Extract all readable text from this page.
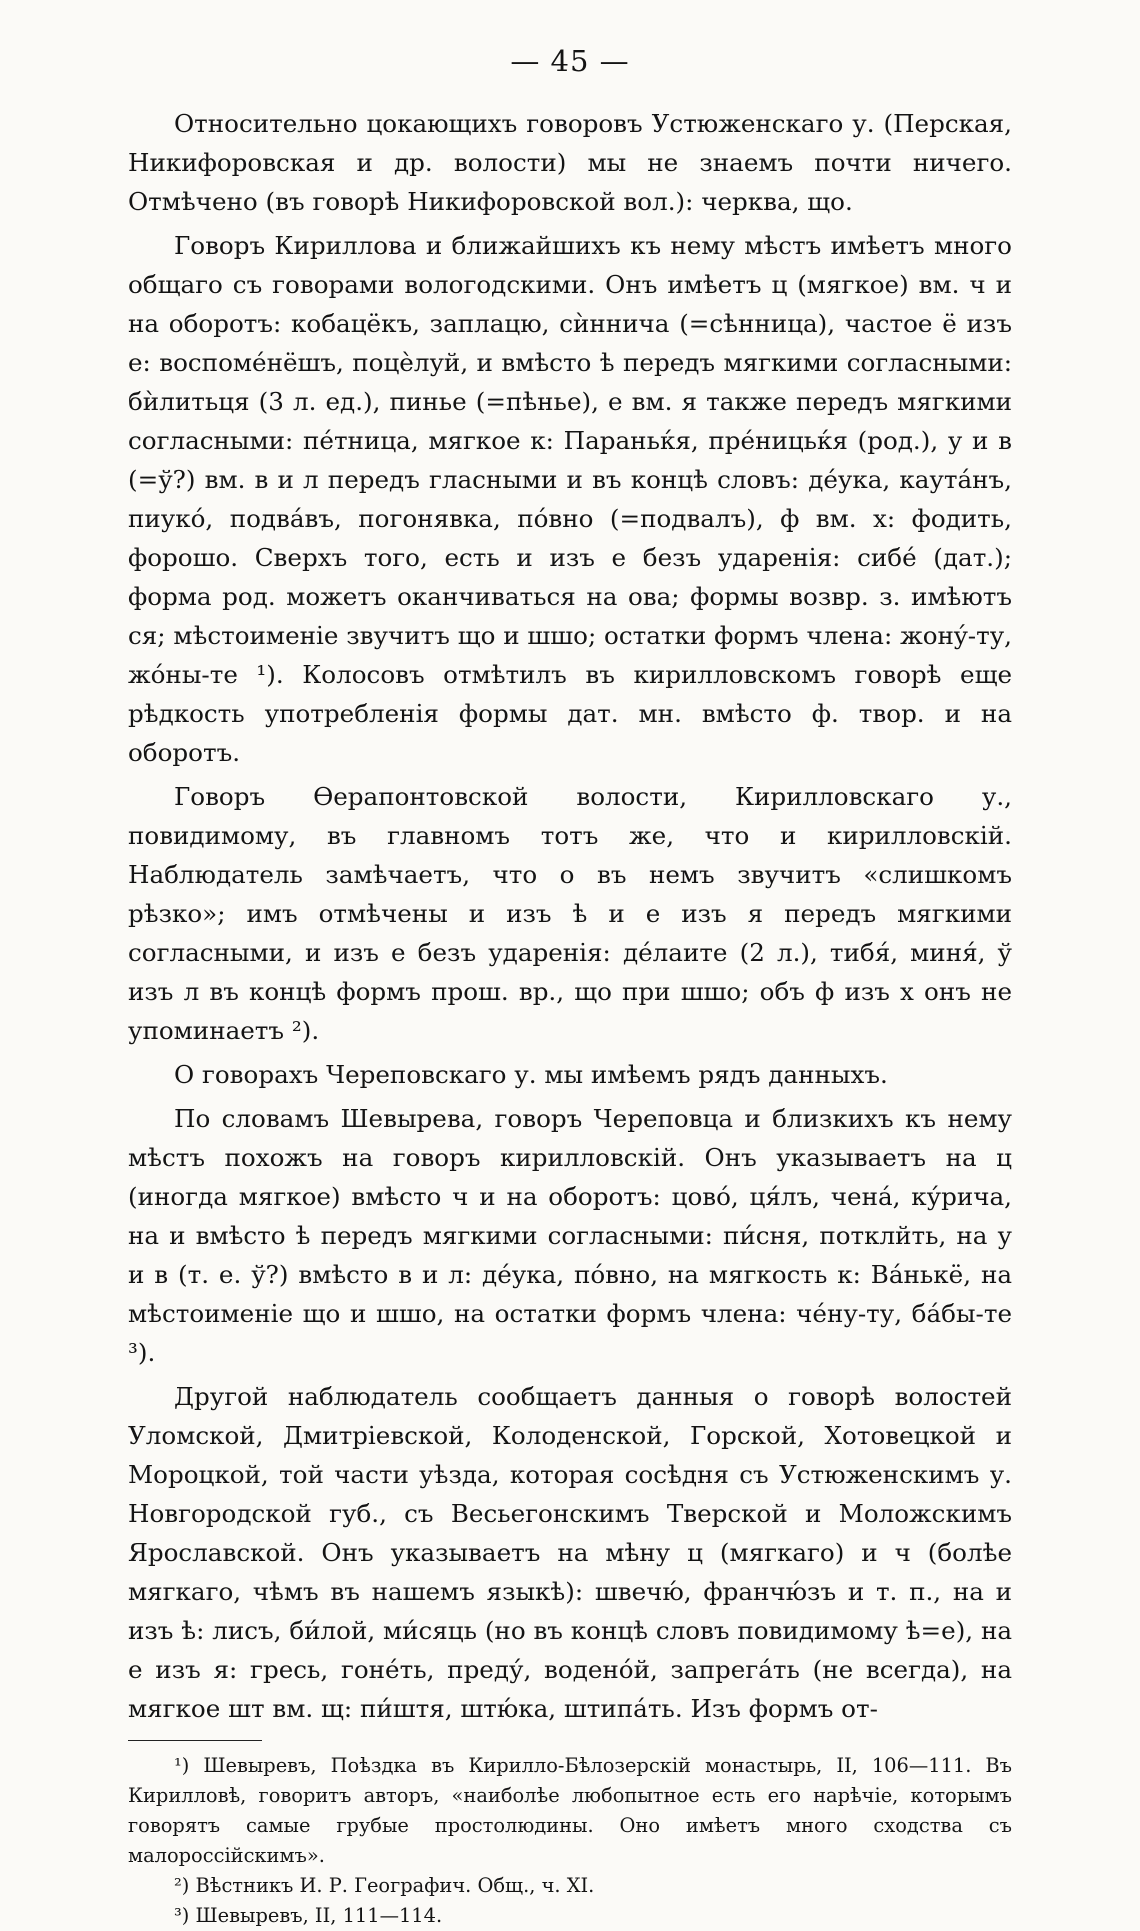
— 45 —

Относительно цокающихъ говоровъ Устюженскаго у. (Перская, Никифоровская и др. волости) мы не знаемъ почти ничего. Отмѣчено (въ говорѣ Никифоровской вол.): черква, що.

Говоръ Кириллова и ближайшихъ къ нему мѣстъ имѣетъ много общаго съ говорами вологодскими. Онъ имѣетъ ц (мягкое) вм. ч и на оборотъ: кобацёкъ, заплацю, сѝннича (=сѣнница), частое ё изъ е: воспомéнёшъ, поцѐлуй, и вмѣсто ѣ передъ мягкими согласными: бѝлитьця (3 л. ед.), пинье (=пѣнье), е вм. я также передъ мягкими согласными: пéтница, мягкое к: Параньќя, прéницьќя (род.), у и в (=ў?) вм. в и л передъ гласными и въ концѣ словъ: дéука, каутáнъ, пиукó, подвáвъ, погонявка, пóвно (=подвалъ), ф вм. х: фодить, форошо. Сверхъ того, есть и изъ е безъ ударенія: сибé (дат.); форма род. можетъ оканчиваться на ова; формы возвр. з. имѣютъ ся; мѣстоименіе звучитъ що и шшо; остатки формъ члена: жонý-ту, жóны-те ¹). Колосовъ отмѣтилъ въ кирилловскомъ говорѣ еще рѣдкость употребленія формы дат. мн. вмѣсто ф. твор. и на оборотъ.

Говоръ Ѳерапонтовской волости, Кирилловскаго у., повидимому, въ главномъ тотъ же, что и кирилловскій. Наблюдатель замѣчаетъ, что о въ немъ звучитъ «слишкомъ рѣзко»; имъ отмѣчены и изъ ѣ и е изъ я передъ мягкими согласными, и изъ е безъ ударенія: дéлаите (2 л.), тибя́, миня́, ў изъ л въ концѣ формъ прош. вр., що при шшо; объ ф изъ х онъ не упоминаетъ ²).

О говорахъ Череповскаго у. мы имѣемъ рядъ данныхъ.

По словамъ Шевырева, говоръ Череповца и близкихъ къ нему мѣстъ похожъ на говоръ кирилловскій. Онъ указываетъ на ц (иногда мягкое) вмѣсто ч и на оборотъ: цово́, ця́лъ, чена́, ку́рича, на и вмѣсто ѣ передъ мягкими согласными: пи́сня, потклйть, на у и в (т. е. ў?) вмѣсто в и л: де́ука, по́вно, на мягкость к: Ва́нькё, на мѣстоименіе що и шшо, на остатки формъ члена: че́ну-ту, ба́бы-те ³).

Другой наблюдатель сообщаетъ данныя о говорѣ волостей Уломской, Дмитріевской, Колоденской, Горской, Хотовецкой и Мороцкой, той части уѣзда, которая сосѣдня съ Устюженскимъ у. Новгородской губ., съ Весьегонскимъ Тверской и Моложскимъ Ярославской. Онъ указываетъ на мѣну ц (мягкаго) и ч (болѣе мягкаго, чѣмъ въ нашемъ языкѣ): швечю́, франчю́зъ и т. п., на и изъ ѣ: лисъ, би́лой, ми́сяць (но въ концѣ словъ повидимому ѣ=е), на е изъ я: гресь, гоне́ть, преду́, воденóй, запрега́ть (не всегда), на мягкое шт вм. щ: пи́штя, штю́ка, штипа́ть. Изъ формъ от-

¹) Шевыревъ, Поѣздка въ Кирилло-Бѣлозерскій монастырь, II, 106—111. Въ Кирилловѣ, говоритъ авторъ, «наиболѣе любопытное есть его нарѣчіе, которымъ говорятъ самые грубые простолюдины. Оно имѣетъ много сходства съ малороссійскимъ».

²) Вѣстникъ И. Р. Географич. Общ., ч. XI.

³) Шевыревъ, II, 111—114.
